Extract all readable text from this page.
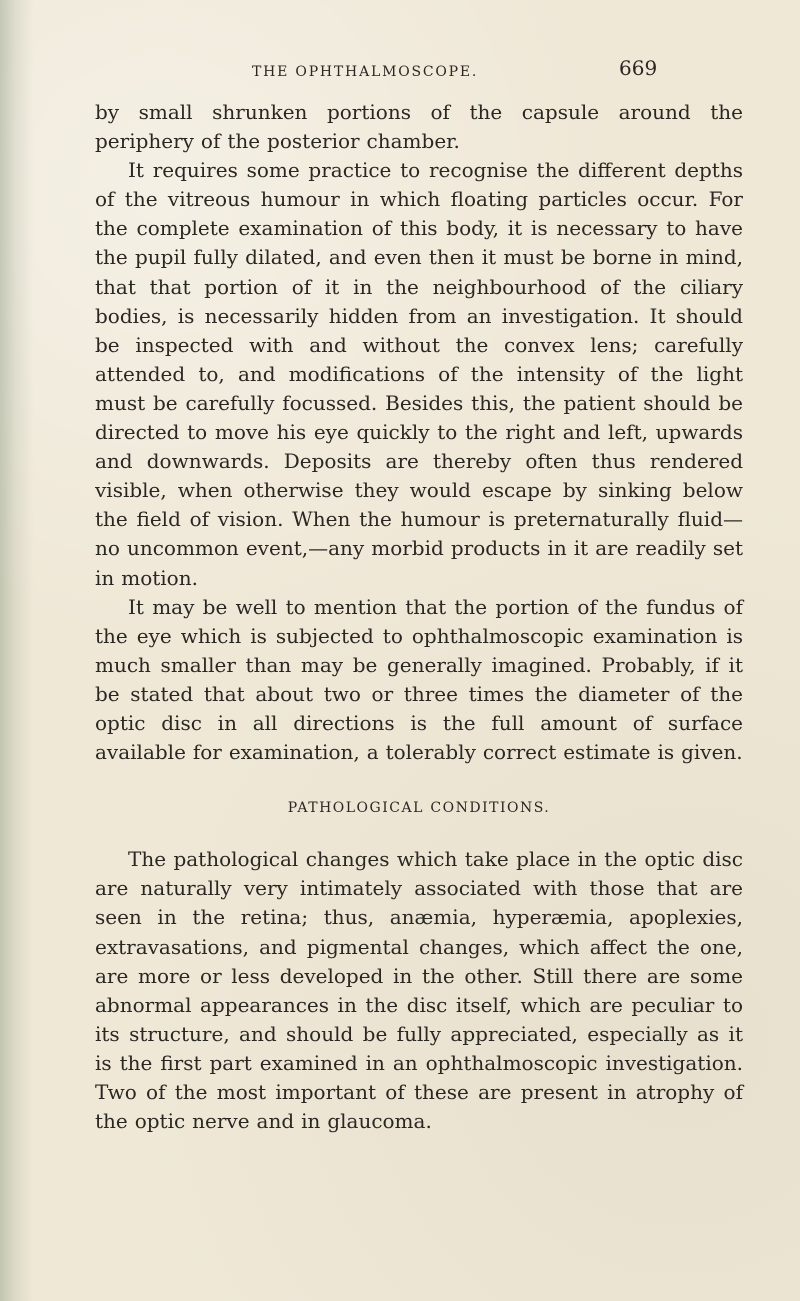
THE OPHTHALMOSCOPE.	669

by small shrunken portions of the capsule around the periphery of the posterior chamber.

It requires some practice to recognise the different depths of the vitreous humour in which floating particles occur. For the complete examination of this body, it is necessary to have the pupil fully dilated, and even then it must be borne in mind, that that portion of it in the neighbourhood of the ciliary bodies, is necessarily hidden from an investigation. It should be inspected with and without the convex lens; carefully attended to, and modifications of the intensity of the light must be carefully focussed. Besides this, the patient should be directed to move his eye quickly to the right and left, upwards and downwards. Deposits are thereby often thus rendered visible, when otherwise they would escape by sinking below the field of vision. When the humour is preternaturally fluid—no uncommon event,—any morbid products in it are readily set in motion.

It may be well to mention that the portion of the fundus of the eye which is subjected to ophthalmoscopic examination is much smaller than may be generally imagined. Probably, if it be stated that about two or three times the diameter of the optic disc in all directions is the full amount of surface available for examination, a tolerably correct estimate is given.

PATHOLOGICAL CONDITIONS.

The pathological changes which take place in the optic disc are naturally very intimately associated with those that are seen in the retina; thus, anæmia, hyperæmia, apoplexies, extravasations, and pigmental changes, which affect the one, are more or less developed in the other. Still there are some abnormal appearances in the disc itself, which are peculiar to its structure, and should be fully appreciated, especially as it is the first part examined in an ophthalmoscopic investigation. Two of the most important of these are present in atrophy of the optic nerve and in glaucoma.
